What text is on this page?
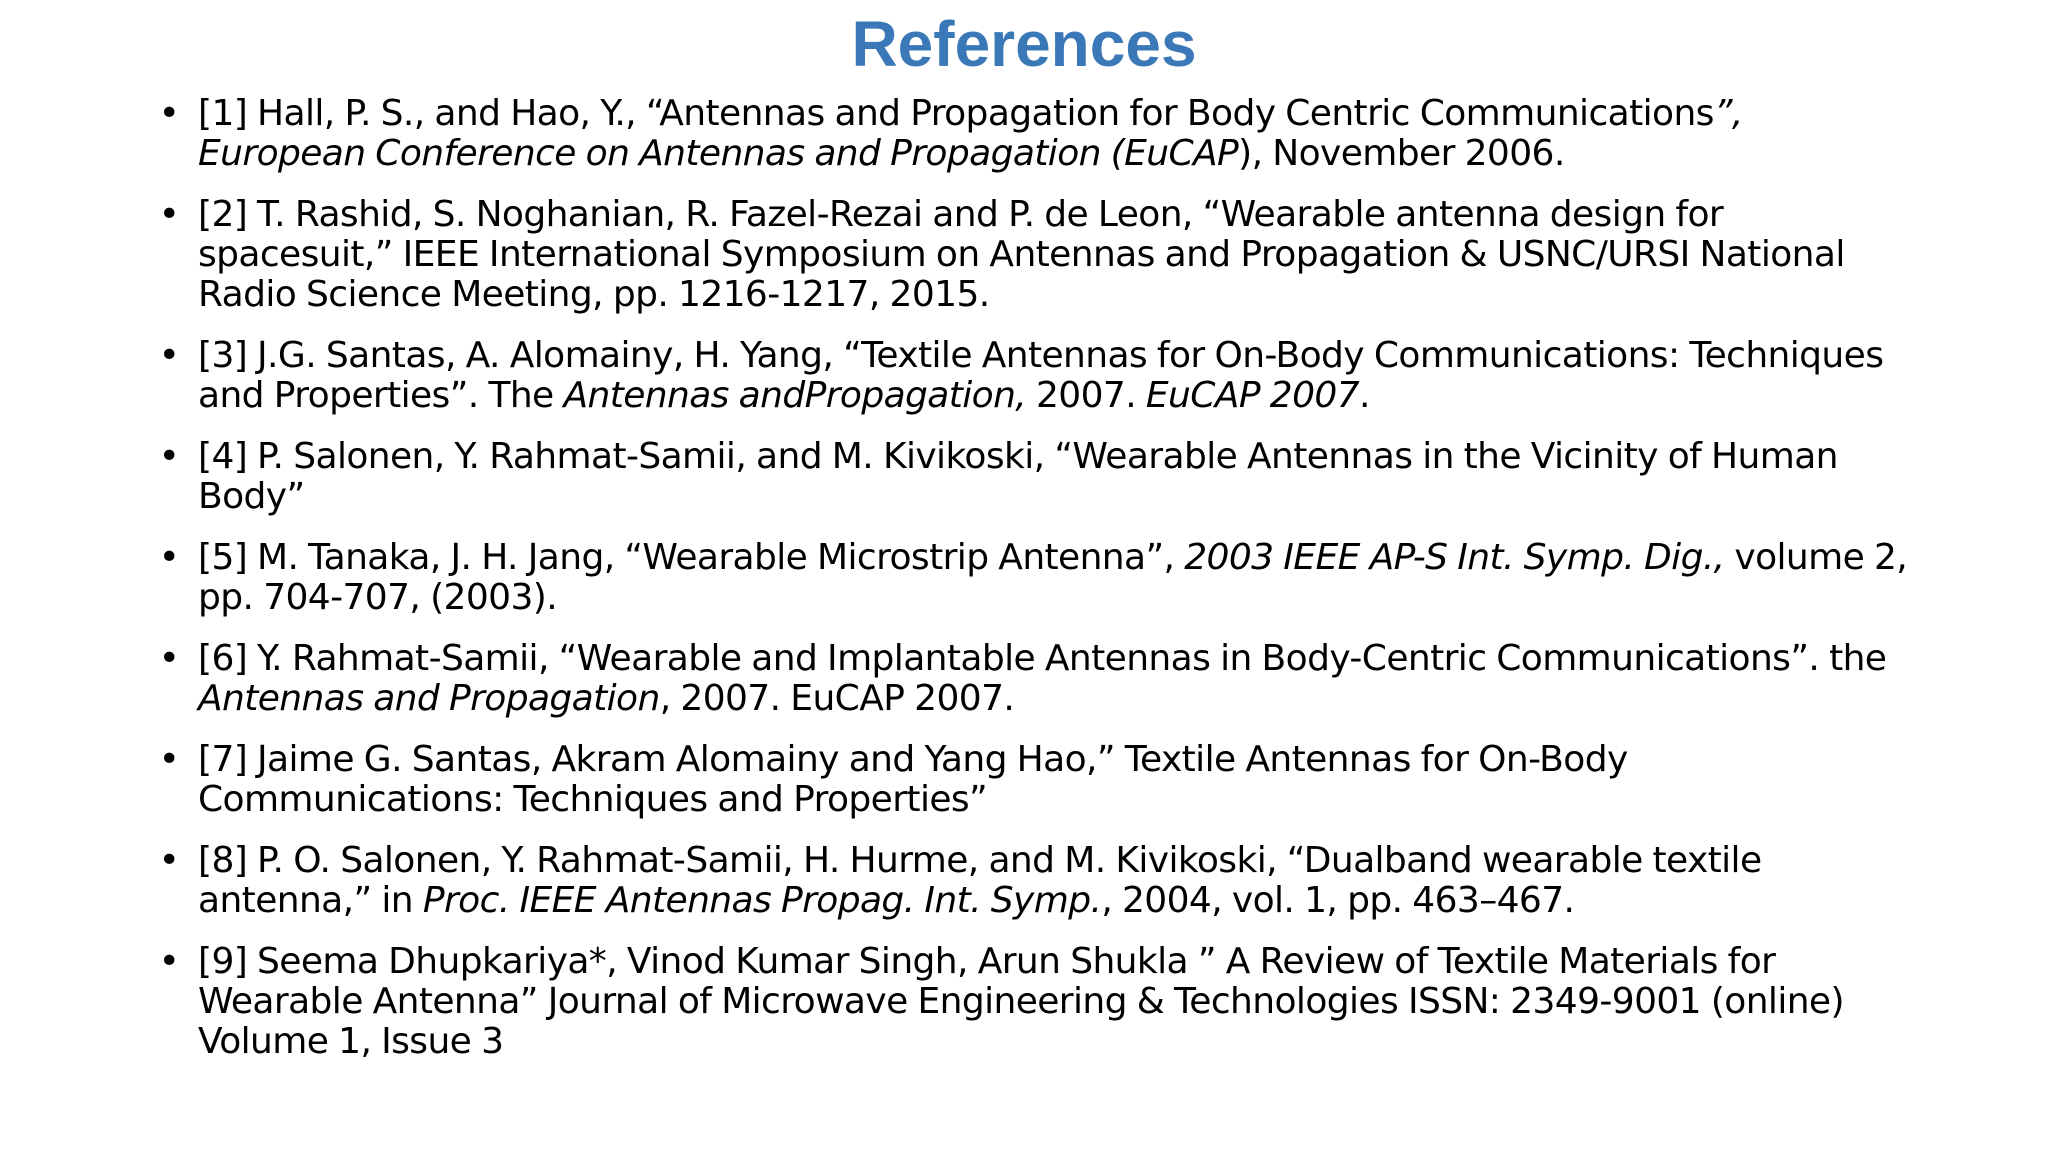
References
• [1] Hall, P. S., and Hao, Y., “Antennas and Propagation for Body Centric Communications”, European Conference on Antennas and Propagation (EuCAP), November 2006.
• [2] T. Rashid, S. Noghanian, R. Fazel-Rezai and P. de Leon, “Wearable antenna design for spacesuit,” IEEE International Symposium on Antennas and Propagation & USNC/URSI National Radio Science Meeting, pp. 1216-1217, 2015.
• [3] J.G. Santas, A. Alomainy, H. Yang, “Textile Antennas for On-Body Communications: Techniques and Properties”. The Antennas andPropagation, 2007. EuCAP 2007.
• [4] P. Salonen, Y. Rahmat-Samii, and M. Kivikoski, “Wearable Antennas in the Vicinity of Human Body”
• [5] M. Tanaka, J. H. Jang, “Wearable Microstrip Antenna”, 2003 IEEE AP-S Int. Symp. Dig., volume 2, pp. 704-707, (2003).
• [6] Y. Rahmat-Samii, “Wearable and Implantable Antennas in Body-Centric Communications”. the Antennas and Propagation, 2007. EuCAP 2007.
• [7] Jaime G. Santas, Akram Alomainy and Yang Hao,” Textile Antennas for On-Body Communications: Techniques and Properties”
• [8] P. O. Salonen, Y. Rahmat-Samii, H. Hurme, and M. Kivikoski, “Dualband wearable textile antenna,” in Proc. IEEE Antennas Propag. Int. Symp., 2004, vol. 1, pp. 463–467.
• [9] Seema Dhupkariya*, Vinod Kumar Singh, Arun Shukla ” A Review of Textile Materials for Wearable Antenna” Journal of Microwave Engineering & Technologies ISSN: 2349-9001 (online) Volume 1, Issue 3
